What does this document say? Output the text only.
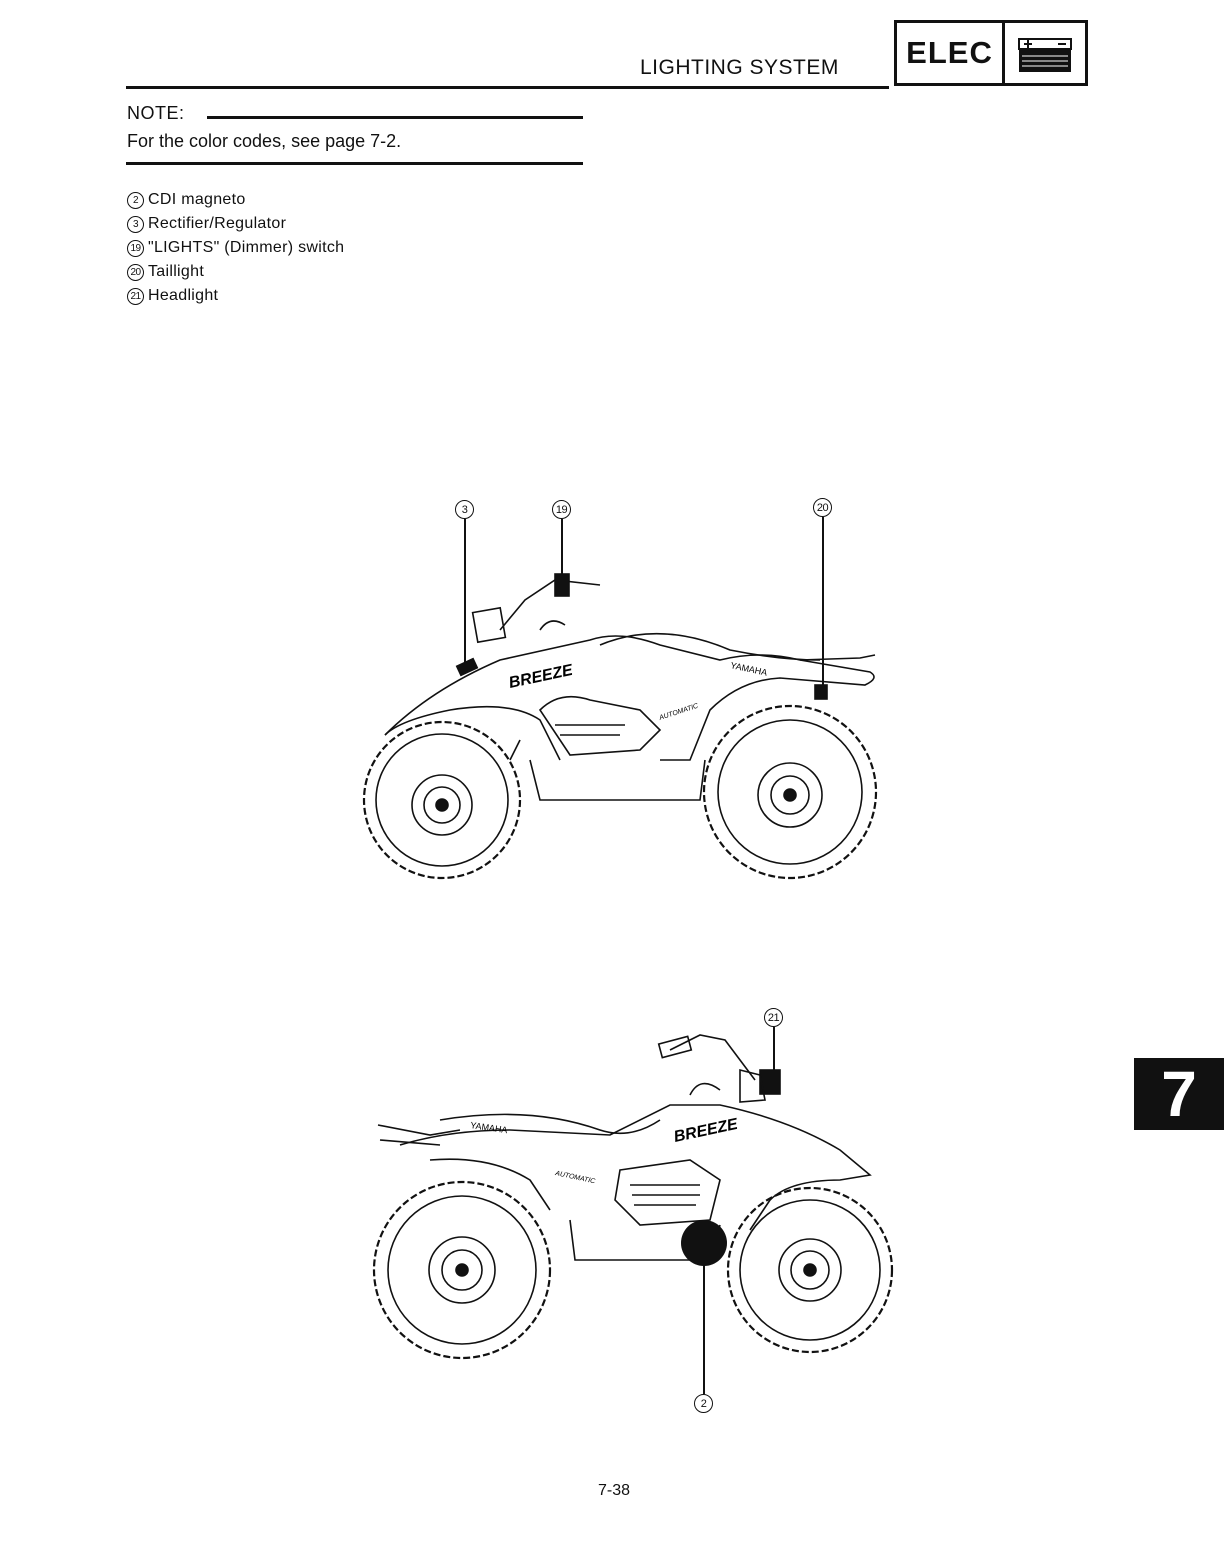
LIGHTING SYSTEM ELEC
NOTE:
For the color codes, see page 7-2.
2 CDI magneto
3 Rectifier/Regulator
19 "LIGHTS" (Dimmer) switch
20 Taillight
21 Headlight
BREEZE	YAMAHA
AUTOMATIC
3	19	20
BREEZE
YAMAHA
AUTOMATIC
21
2
7
7-38
